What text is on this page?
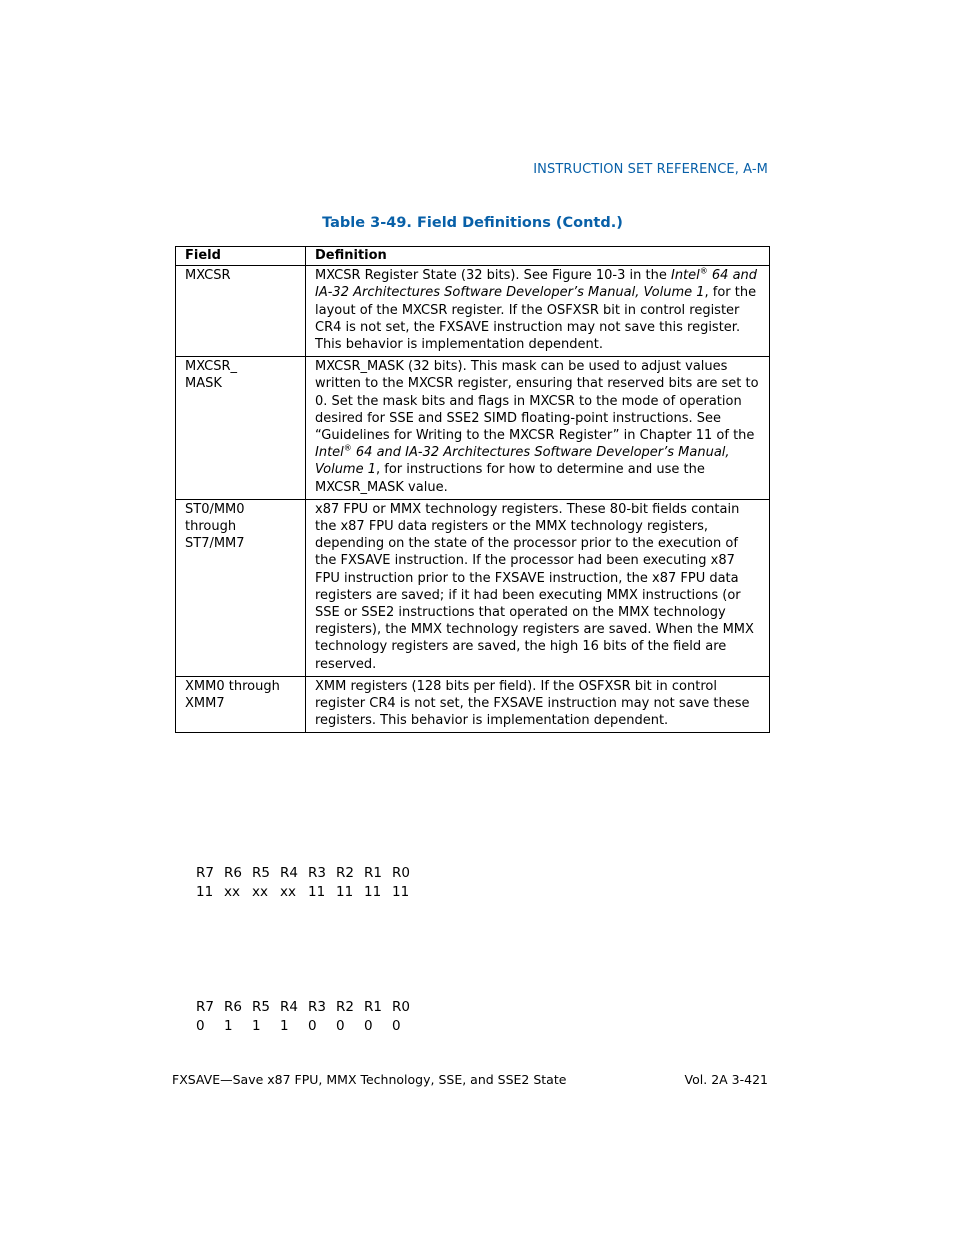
INSTRUCTION SET REFERENCE, A-M
Table 3-49. Field Definitions (Contd.)
Field	Definition

MXCSR	MXCSR Register State (32 bits). See Figure 10-3 in the Intel® 64 and IA-32 Architectures Software Developer’s Manual, Volume 1, for the layout of the MXCSR register. If the OSFXSR bit in control register CR4 is not set, the FXSAVE instruction may not save this register. This behavior is implementation dependent.

MXCSR_
MASK	MXCSR_MASK (32 bits). This mask can be used to adjust values written to the MXCSR register, ensuring that reserved bits are set to 0. Set the mask bits and flags in MXCSR to the mode of operation desired for SSE and SSE2 SIMD floating-point instructions. See “Guidelines for Writing to the MXCSR Register” in Chapter 11 of the Intel® 64 and IA-32 Architectures Software Developer’s Manual, Volume 1, for instructions for how to determine and use the MXCSR_MASK value.

ST0/MM0 through
ST7/MM7	x87 FPU or MMX technology registers. These 80-bit fields contain the x87 FPU data registers or the MMX technology registers, depending on the state of the processor prior to the execution of the FXSAVE instruction. If the processor had been executing x87 FPU instruction prior to the FXSAVE instruction, the x87 FPU data registers are saved; if it had been executing MMX instructions (or SSE or SSE2 instructions that operated on the MMX technology registers), the MMX technology registers are saved. When the MMX technology registers are saved, the high 16 bits of the field are reserved.

XMM0 through
XMM7	XMM registers (128 bits per field). If the OSFXSR bit in control register CR4 is not set, the FXSAVE instruction may not save these registers. This behavior is implementation dependent.
R7 R6 R5 R4 R3 R2 R1 R0
11 xx xx xx 11 11 11 11
R7 R6 R5 R4 R3 R2 R1 R0
0	1	1	1	0	0	0	0
FXSAVE—Save x87 FPU, MMX Technology, SSE, and SSE2 State	Vol. 2A 3-421
